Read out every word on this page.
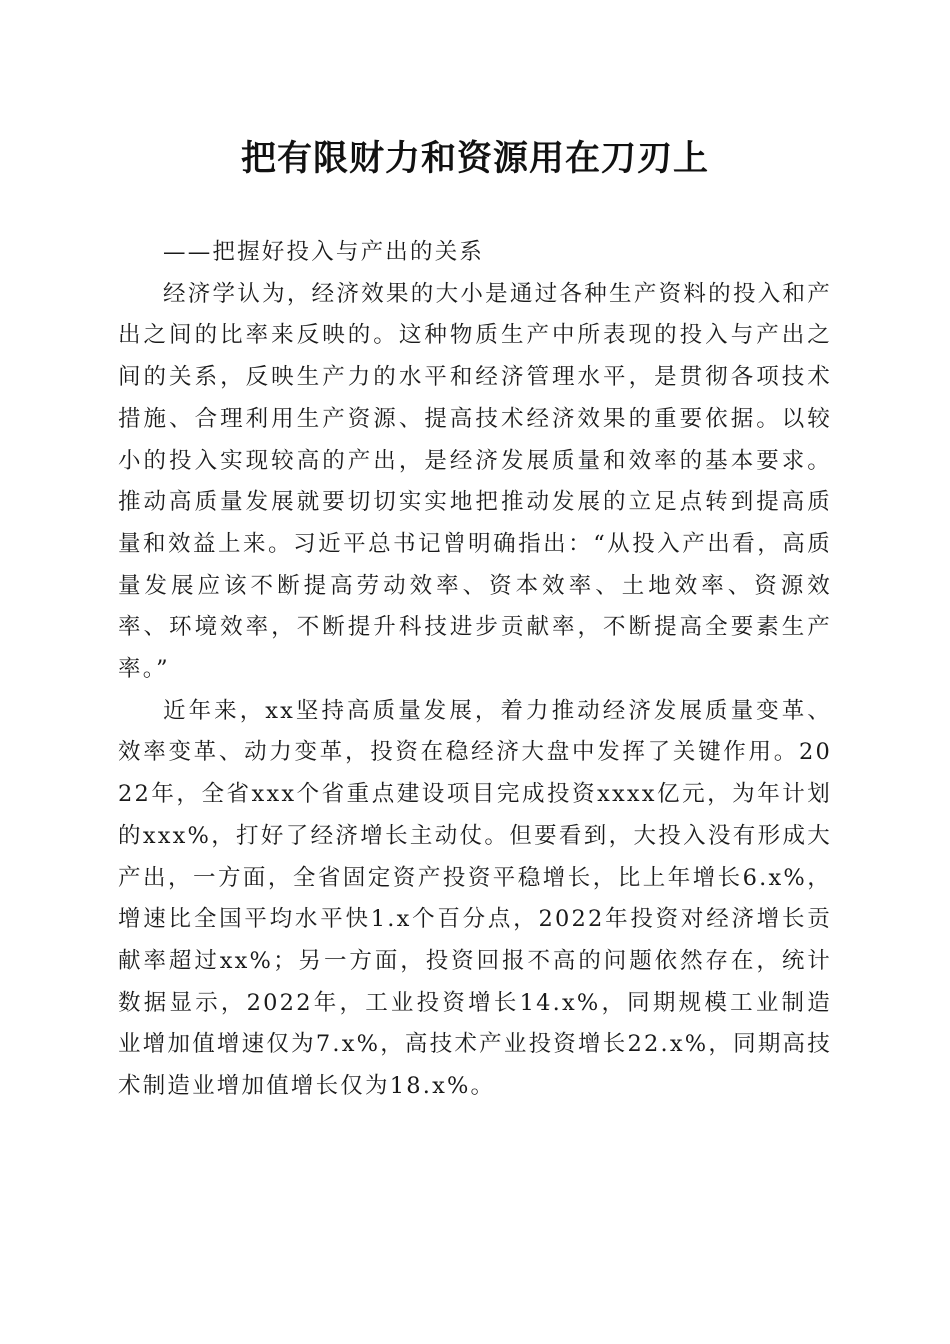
把有限财力和资源用在刀刃上

——把握好投入与产出的关系

经济学认为，经济效果的大小是通过各种生产资料的投入和产出之间的比率来反映的。这种物质生产中所表现的投入与产出之间的关系，反映生产力的水平和经济管理水平，是贯彻各项技术措施、合理利用生产资源、提高技术经济效果的重要依据。以较小的投入实现较高的产出，是经济发展质量和效率的基本要求。推动高质量发展就要切切实实地把推动发展的立足点转到提高质量和效益上来。习近平总书记曾明确指出：“从投入产出看，高质量发展应该不断提高劳动效率、资本效率、土地效率、资源效率、环境效率，不断提升科技进步贡献率，不断提高全要素生产率。”

近年来，xx坚持高质量发展，着力推动经济发展质量变革、效率变革、动力变革，投资在稳经济大盘中发挥了关键作用。2022年，全省xxx个省重点建设项目完成投资xxxx亿元，为年计划的xxx%，打好了经济增长主动仗。但要看到，大投入没有形成大产出，一方面，全省固定资产投资平稳增长，比上年增长6.x%，增速比全国平均水平快1.x个百分点，2022年投资对经济增长贡献率超过xx%；另一方面，投资回报不高的问题依然存在，统计数据显示，2022年，工业投资增长14.x%，同期规模工业制造业增加值增速仅为7.x%，高技术产业投资增长22.x%，同期高技术制造业增加值增长仅为18.x%。
